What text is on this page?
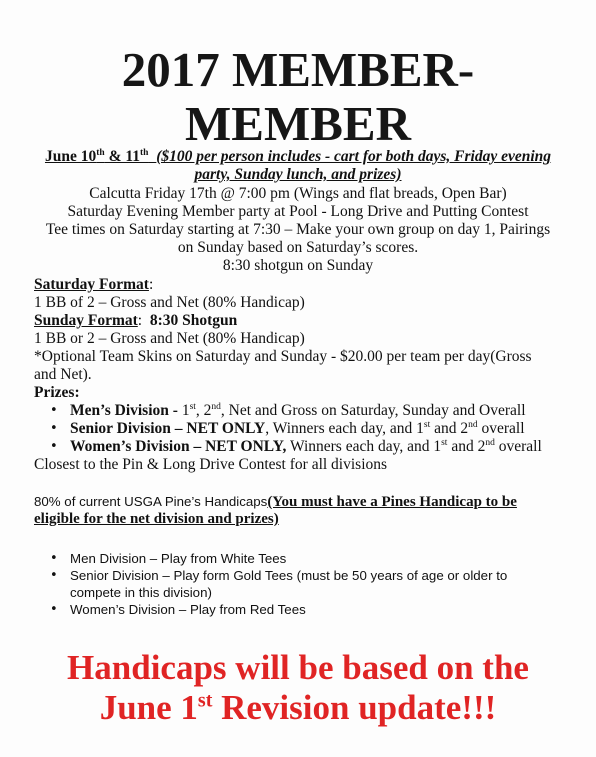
2017 MEMBER-
MEMBER
June 10th & 11th ($100 per person includes - cart for both days, Friday evening
party, Sunday lunch, and prizes)
Calcutta Friday 17th @ 7:00 pm (Wings and flat breads, Open Bar)
Saturday Evening Member party at Pool - Long Drive and Putting Contest
Tee times on Saturday starting at 7:30 – Make your own group on day 1, Pairings
on Sunday based on Saturday’s scores.
8:30 shotgun on Sunday
Saturday Format:
1 BB of 2 – Gross and Net (80% Handicap)
Sunday Format: 8:30 Shotgun
1 BB or 2 – Gross and Net (80% Handicap)
*Optional Team Skins on Saturday and Sunday - $20.00 per team per day(Gross
and Net).
Prizes:
• Men’s Division - 1st, 2nd, Net and Gross on Saturday, Sunday and Overall
• Senior Division – NET ONLY, Winners each day, and 1st and 2nd overall
• Women’s Division – NET ONLY, Winners each day, and 1st and 2nd overall
Closest to the Pin & Long Drive Contest for all divisions
80% of current USGA Pine’s Handicaps(You must have a Pines Handicap to be
eligible for the net division and prizes)
• Men Division – Play from White Tees
• Senior Division – Play form Gold Tees (must be 50 years of age or older to
compete in this division)
• Women’s Division – Play from Red Tees
Handicaps will be based on the
June 1st Revision update!!!
